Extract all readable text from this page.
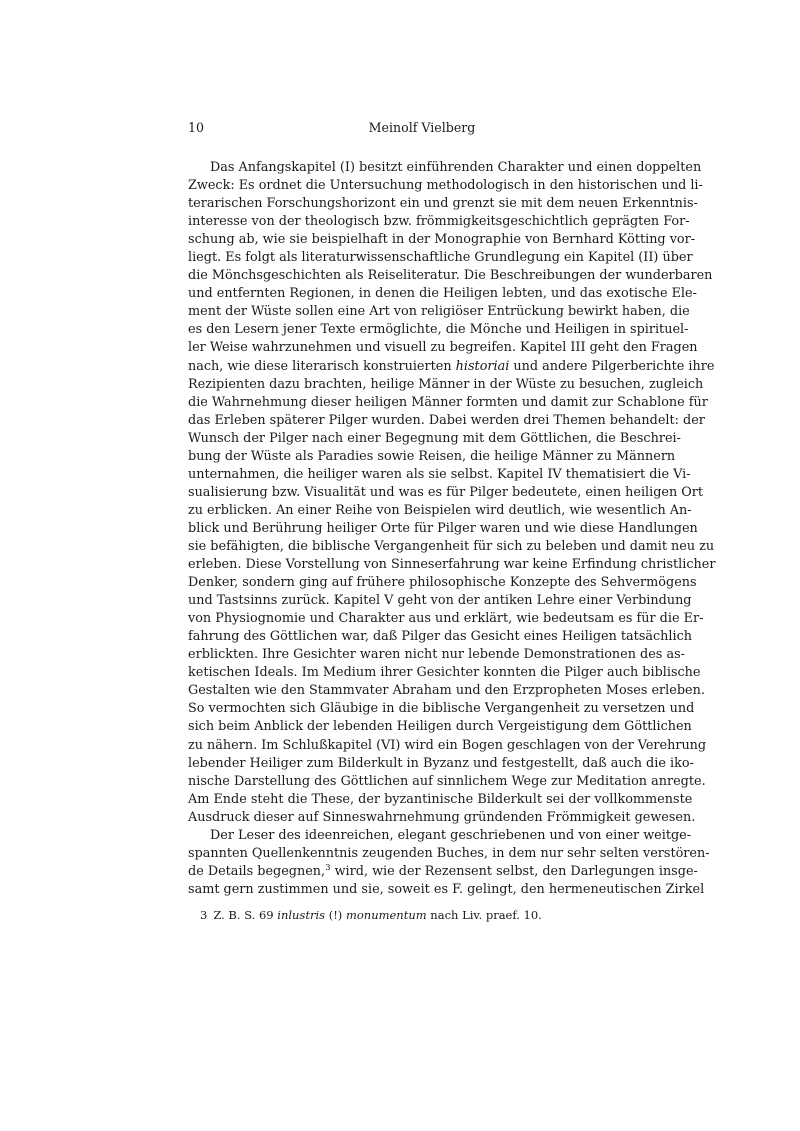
10	Meinolf Vielberg
Das Anfangskapitel (I) besitzt einführenden Charakter und einen doppelten
Zweck: Es ordnet die Untersuchung methodologisch in den historischen und li-
terarischen Forschungshorizont ein und grenzt sie mit dem neuen Erkenntnis-
interesse von der theologisch bzw. frömmigkeitsgeschichtlich geprägten For-
schung ab, wie sie beispielhaft in der Monographie von Bernhard Kötting vor-
liegt. Es folgt als literaturwissenschaftliche Grundlegung ein Kapitel (II) über
die Mönchsgeschichten als Reiseliteratur. Die Beschreibungen der wunderbaren
und entfernten Regionen, in denen die Heiligen lebten, und das exotische Ele-
ment der Wüste sollen eine Art von religiöser Entrückung bewirkt haben, die
es den Lesern jener Texte ermöglichte, die Mönche und Heiligen in spirituel-
ler Weise wahrzunehmen und visuell zu begreifen. Kapitel III geht den Fragen
nach, wie diese literarisch konstruierten historiai und andere Pilgerberichte ihre
Rezipienten dazu brachten, heilige Männer in der Wüste zu besuchen, zugleich
die Wahrnehmung dieser heiligen Männer formten und damit zur Schablone für
das Erleben späterer Pilger wurden. Dabei werden drei Themen behandelt: der
Wunsch der Pilger nach einer Begegnung mit dem Göttlichen, die Beschrei-
bung der Wüste als Paradies sowie Reisen, die heilige Männer zu Männern
unternahmen, die heiliger waren als sie selbst. Kapitel IV thematisiert die Vi-
sualisierung bzw. Visualität und was es für Pilger bedeutete, einen heiligen Ort
zu erblicken. An einer Reihe von Beispielen wird deutlich, wie wesentlich An-
blick und Berührung heiliger Orte für Pilger waren und wie diese Handlungen
sie befähigten, die biblische Vergangenheit für sich zu beleben und damit neu zu
erleben. Diese Vorstellung von Sinneserfahrung war keine Erfindung christlicher
Denker, sondern ging auf frühere philosophische Konzepte des Sehvermögens
und Tastsinns zurück. Kapitel V geht von der antiken Lehre einer Verbindung
von Physiognomie und Charakter aus und erklärt, wie bedeutsam es für die Er-
fahrung des Göttlichen war, daß Pilger das Gesicht eines Heiligen tatsächlich
erblickten. Ihre Gesichter waren nicht nur lebende Demonstrationen des as-
ketischen Ideals. Im Medium ihrer Gesichter konnten die Pilger auch biblische
Gestalten wie den Stammvater Abraham und den Erzpropheten Moses erleben.
So vermochten sich Gläubige in die biblische Vergangenheit zu versetzen und
sich beim Anblick der lebenden Heiligen durch Vergeistigung dem Göttlichen
zu nähern. Im Schlußkapitel (VI) wird ein Bogen geschlagen von der Verehrung
lebender Heiliger zum Bilderkult in Byzanz und festgestellt, daß auch die iko-
nische Darstellung des Göttlichen auf sinnlichem Wege zur Meditation anregte.
Am Ende steht die These, der byzantinische Bilderkult sei der vollkommenste
Ausdruck dieser auf Sinneswahrnehmung gründenden Frömmigkeit gewesen.
Der Leser des ideenreichen, elegant geschriebenen und von einer weitge-
spannten Quellenkenntnis zeugenden Buches, in dem nur sehr selten verstören-
de Details begegnen,$^3$ wird, wie der Rezensent selbst, den Darlegungen insge-
samt gern zustimmen und sie, soweit es F. gelingt, den hermeneutischen Zirkel
3 Z. B. S. 69 inlustris (!) monumentum nach Liv. praef. 10.
